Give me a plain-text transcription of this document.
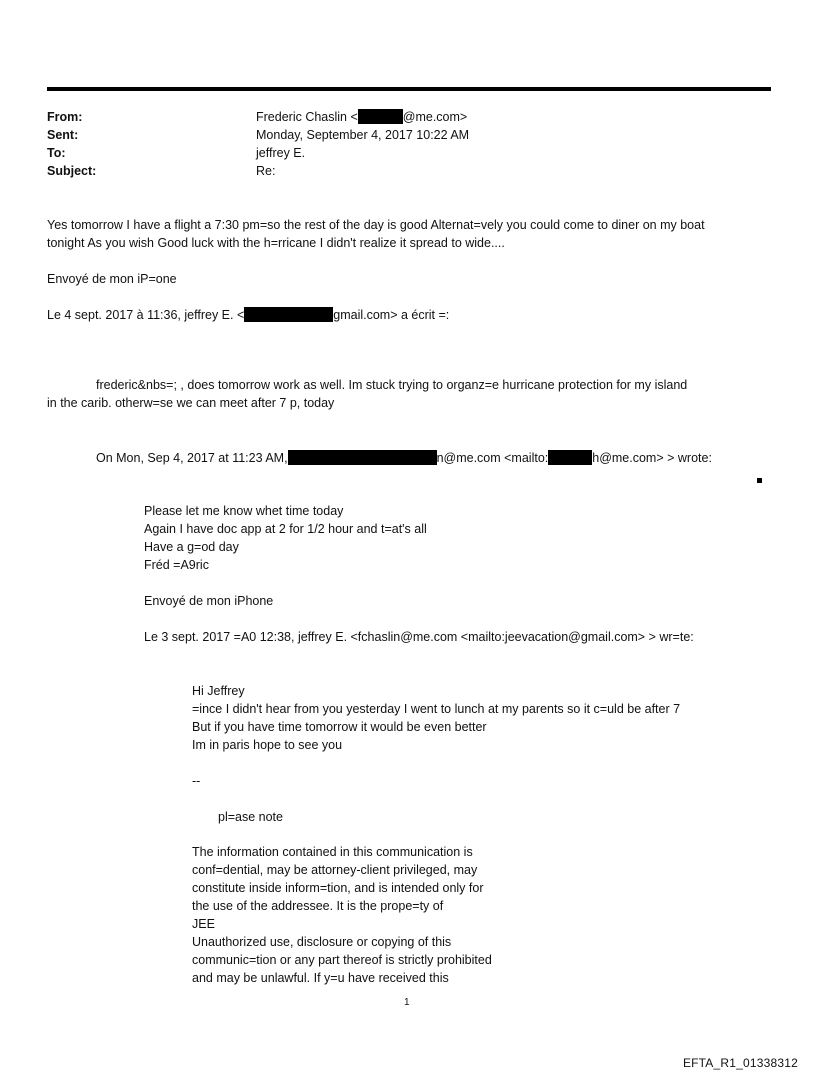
From:	Frederic Chaslin <	@me.com>
Sent:	Monday, September 4, 2017 10:22 AM
To:	jeffrey E.
Subject:	Re:
Yes tomorrow I have a flight a 7:30 pm=so the rest of the day is good Alternat=vely you could come to diner on my boat
tonight As you wish Good luck with the h=rricane I didn't realize it spread to wide....
Envoyé de mon iP=one
Le 4 sept. 2017 à 11:36, jeffrey E. <	gmail.com> a écrit =:
frederic&nbs=; , does tomorrow work as well. Im stuck trying to organz=e hurricane protection for my island
in the carib. otherw=se we can meet after 7 p, today
On Mon, Sep 4, 2017 at 11:23 AM,	n@me.com <mailto:	h@me.com> > wrote:
Please let me know whet time today
Again I have doc app at 2 for 1/2 hour and t=at's all
Have a g=od day
Fréd =A9ric
Envoyé de mon iPhone
Le 3 sept. 2017 =A0 12:38, jeffrey E. <fchaslin@me.com <mailto:jeevacation@gmail.com> > wr=te:
Hi Jeffrey
=ince I didn't hear from you yesterday I went to lunch at my parents so it c=uld be after 7
But if you have time tomorrow it would be even better
Im in paris hope to see you
--
pl=ase note
The information contained in this communication is
conf=dential, may be attorney-client privileged, may
constitute inside inform=tion, and is intended only for
the use of the addressee. It is the prope=ty of
JEE
Unauthorized use, disclosure or copying of this
communic=tion or any part thereof is strictly prohibited
and may be unlawful. If y=u have received this
1
EFTA_R1_01338312
